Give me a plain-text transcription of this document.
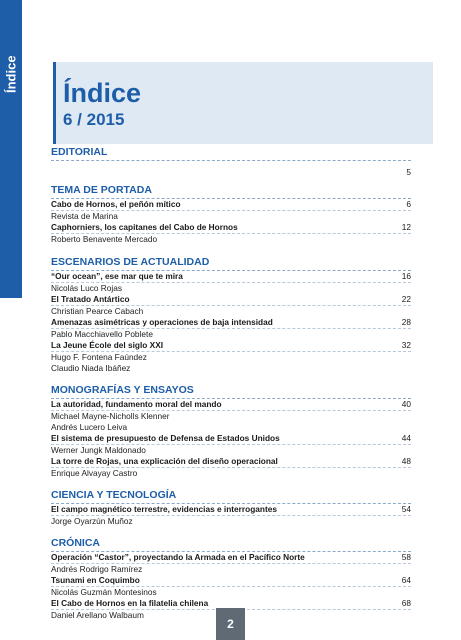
Índice
Índice
6 / 2015
EDITORIAL
5
TEMA DE PORTADA
Cabo de Hornos, el peñón mítico	6
Revista de Marina
Caphorniers, los capitanes del Cabo de Hornos	12
Roberto Benavente Mercado
ESCENARIOS DE ACTUALIDAD
“Our ocean”, ese mar que te mira	16
Nicolás Luco Rojas
El Tratado Antártico	22
Christian Pearce Cabach
Amenazas asimétricas y operaciones de baja intensidad	28
Pablo Macchiavello Poblete
La Jeune École del siglo XXI	32
Hugo F. Fontena Faúndez
Claudio Niada Ibáñez
MONOGRAFÍAS Y ENSAYOS
La autoridad, fundamento moral del mando	40
Michael Mayne-Nicholls Klenner
Andrés Lucero Leiva
El sistema de presupuesto de Defensa de Estados Unidos	44
Werner Jungk Maldonado
La torre de Rojas, una explicación del diseño operacional	48
Enrique Alvayay Castro
CIENCIA Y TECNOLOGÍA
El campo magnético terrestre, evidencias e interrogantes	54
Jorge Oyarzún Muñoz
CRÓNICA
Operación “Castor”, proyectando la Armada en el Pacífico Norte	58
Andrés Rodrigo Ramírez
Tsunami en Coquimbo	64
Nicolás Guzmán Montesinos
El Cabo de Hornos en la filatelia chilena	68
Daniel Arellano Walbaum
2
